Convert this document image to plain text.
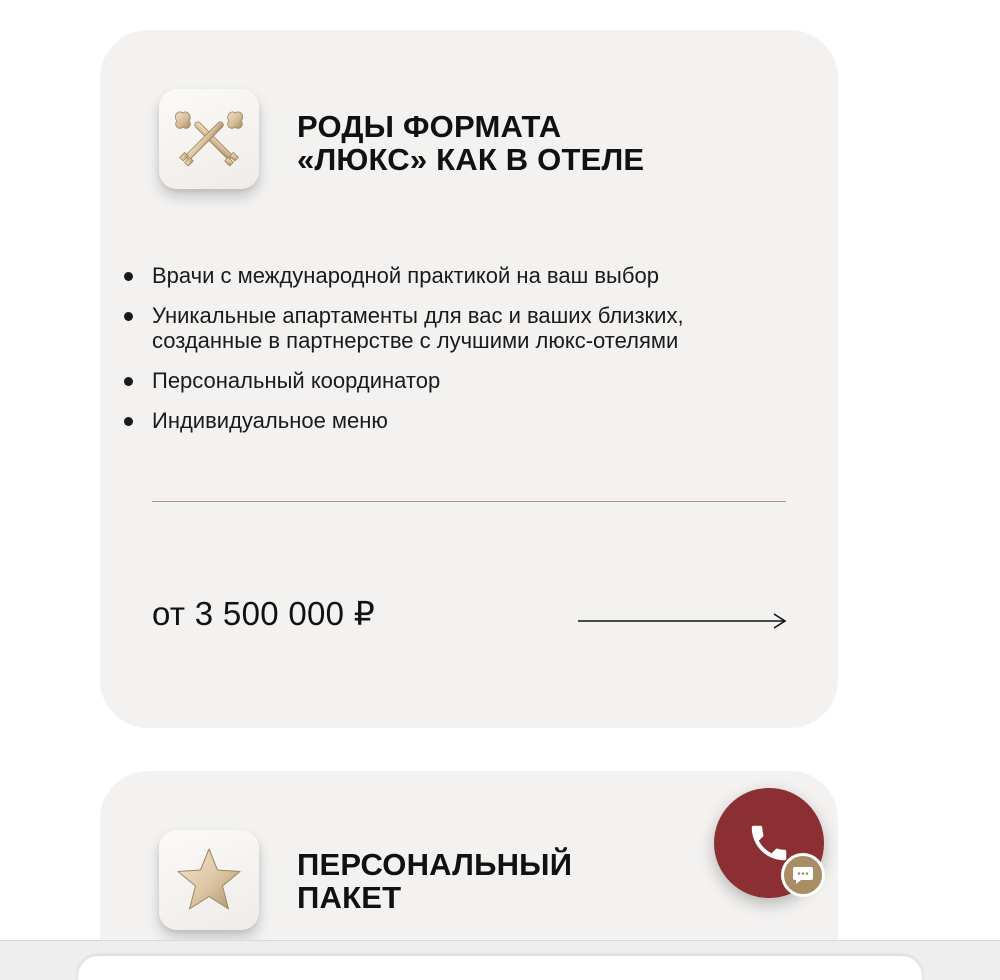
РОДЫ ФОРМАТА
«ЛЮКС» КАК В ОТЕЛЕ
Врачи с международной практикой на ваш выбор
Уникальные апартаменты для вас и ваших близких, созданные в партнерстве с лучшими люкс-отелями
Персональный координатор
Индивидуальное меню
от 3 500 000 ₽
ПЕРСОНАЛЬНЫЙ
ПАКЕТ
